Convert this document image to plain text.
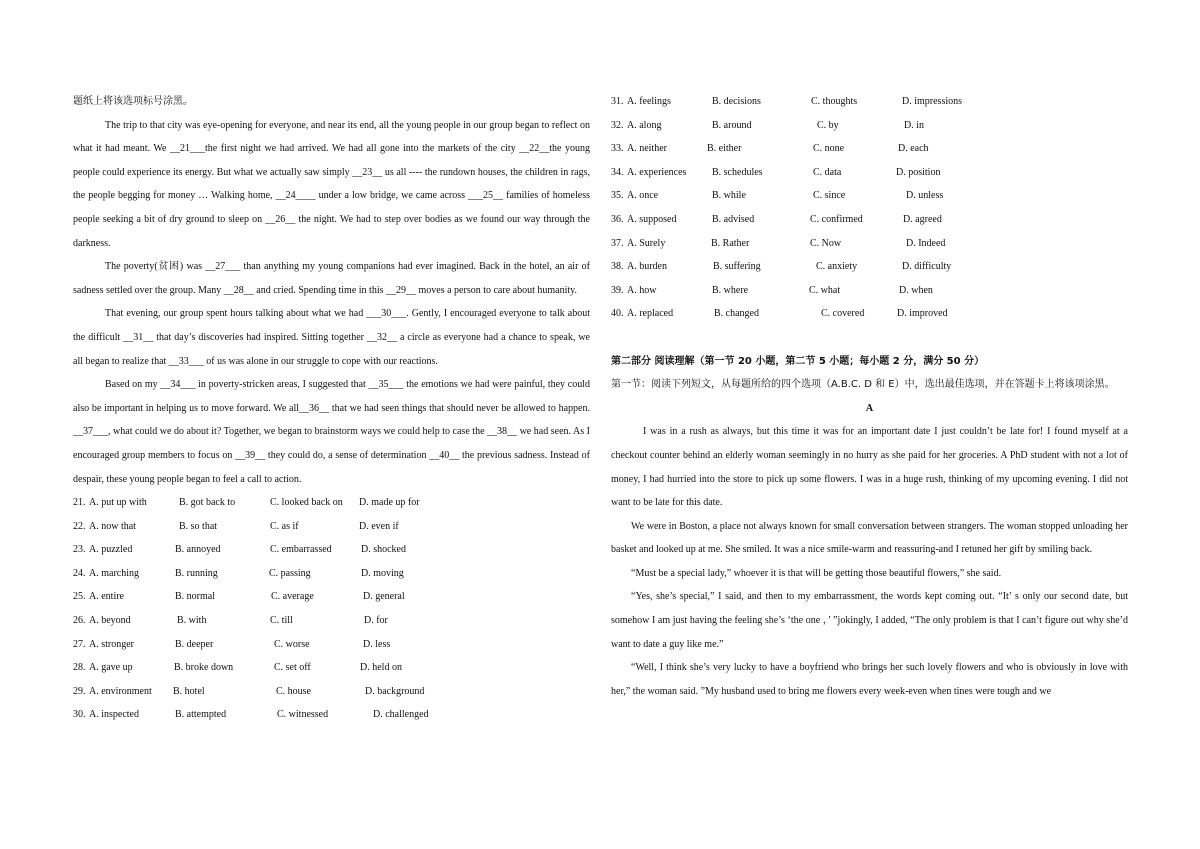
题纸上将该选项标号涂黑。
The trip to that city was eye-opening for everyone, and near its end, all the young people in our group began to reflect on what it had meant. We __21___the first night we had arrived. We had all gone into the markets of the city __22__the young people could experience its energy. But what we actually saw simply __23__ us all ---- the rundown houses, the children in rags, the people begging for money … Walking home, __24____ under a low bridge, we came across ___25__ families of homeless people seeking a bit of dry ground to sleep on __26__ the night. We had to step over bodies as we found our way through the darkness.
The poverty(贫困) was __27___ than anything my young companions had ever imagined. Back in the hotel, an air of sadness settled over the group. Many __28__ and cried. Spending time in this __29__ moves a person to care about humanity.
That evening, our group spent hours talking about what we had ___30___. Gently, I encouraged everyone to talk about the difficult __31__ that day’s discoveries had inspired. Sitting together __32__ a circle as everyone had a chance to speak, we all began to realize that __33___ of us was alone in our struggle to cope with our reactions.
Based on my __34___ in poverty-stricken areas, I suggested that __35___ the emotions we had were painful, they could also be important in helping us to move forward. We all__36__ that we had seen things that should never be allowed to happen. __37___, what could we do about it? Together, we began to brainstorm ways we could help to case the __38__ we had seen. As I encouraged group members to focus on __39__ they could do, a sense of determination __40__ the previous sadness. Instead of despair, these young people began to feel a call to action.
21. A. put up with	B. got back to	C. looked back on D. made up for
22. A. now that	B. so that	C. as if	D. even if
23. A. puzzled	B. annoyed	C. embarrassed	D. shocked
24. A. marching	B. running	C. passing	D. moving
25. A. entire	B. normal	C. average	D. general
26. A. beyond	B. with	C. till	D. for
27. A. stronger	B. deeper	C. worse	D. less
28. A. gave up	B. broke down	C. set off	D. held on
29. A. environment B. hotel	C. house	D. background
30. A. inspected	B. attempted	C. witnessed	D. challenged
31. A. feelings	B. decisions	C. thoughts	D. impressions
32. A. along	B. around	C. by	D. in
33. A. neither	B. either	C. none	D. each
34. A. experiences	B. schedules	C. data	D. position
35. A. once	B. while	C. since	D. unless
36. A. supposed	B. advised	C. confirmed	D. agreed
37. A. Surely	B. Rather	C. Now	D. Indeed
38. A. burden	B. suffering	C. anxiety	D. difficulty
39. A. how	B. where	C. what	D. when
40. A. replaced	B. changed	C. covered	D. improved
第二部分 阅读理解（第一节 20 小题，第二节 5 小题；每小题 2 分，满分 50 分）
第一节：阅读下列短文，从每题所给的四个选项（A.B.C. D 和 E）中，选出最佳选项，并在答题卡上将该项涂黑。
A
I was in a rush as always, but this time it was for an important date I just couldn’t be late for! I found myself at a checkout counter behind an elderly woman seemingly in no hurry as she paid for her groceries. A PhD student with not a lot of money, I had hurried into the store to pick up some flowers. I was in a huge rush, thinking of my upcoming evening. I did not want to be late for this date.
We were in Boston, a place not always known for small conversation between strangers. The woman stopped unloading her basket and looked up at me. She smiled. It was a nice smile-warm and reassuring-and I retuned her gift by smiling back.
“Must be a special lady,” whoever it is that will be getting those beautiful flowers,” she said.
“Yes, she’s special,” I said, and then to my embarrassment, the words kept coming out. “It’ s only our second date, but somehow I am just having the feeling she’s ‘the one ，’ ”jokingly, I added, “The only problem is that I can’t figure out why she’d want to date a guy like me.”
“Well, I think she’s very lucky to have a boyfriend who brings her such lovely flowers and who is obviously in love with her,” the woman said. ”My husband used to bring me flowers every week-even when tines were tough and we
